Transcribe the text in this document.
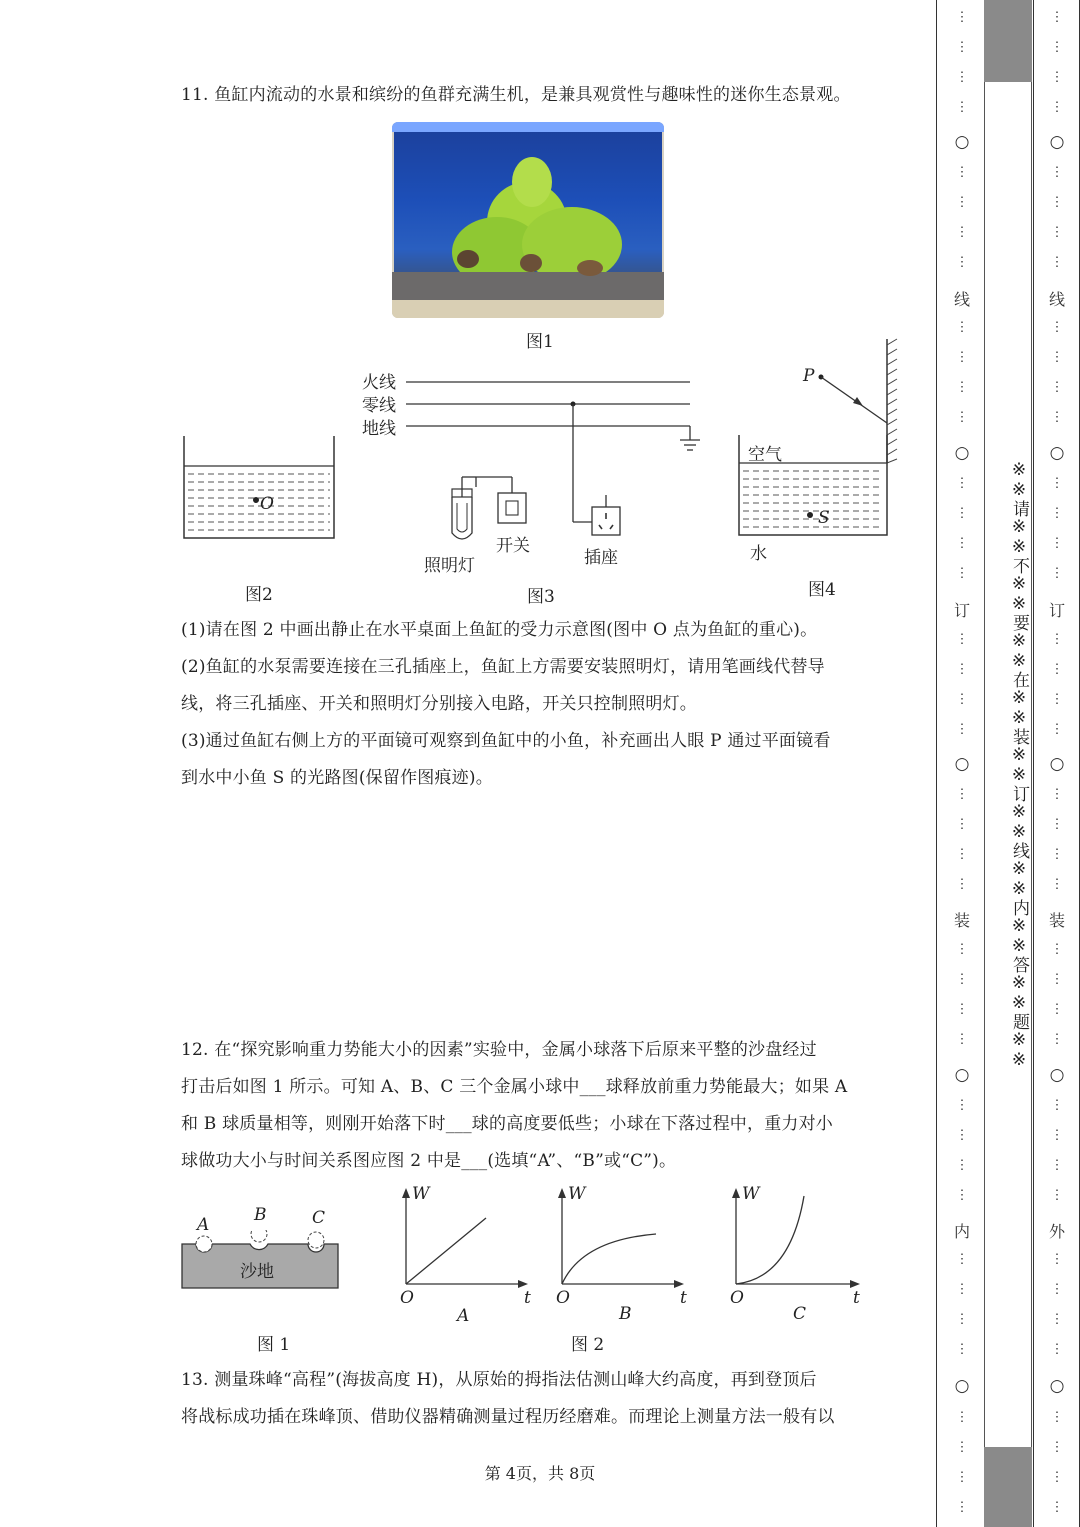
11. 鱼缸内流动的水景和缤纷的鱼群充满生机，是兼具观赏性与趣味性的迷你生态景观。
图1
O
图2
火线
零线
地线
照明灯
开关
插座
图3
P
空气
S
水
图4
(1)请在图 2 中画出静止在水平桌面上鱼缸的受力示意图(图中 O 点为鱼缸的重心)。
(2)鱼缸的水泵需要连接在三孔插座上，鱼缸上方需要安装照明灯，请用笔画线代替导
线，将三孔插座、开关和照明灯分别接入电路，开关只控制照明灯。
(3)通过鱼缸右侧上方的平面镜可观察到鱼缸中的小鱼，补充画出人眼 P 通过平面镜看
到水中小鱼 S 的光路图(保留作图痕迹)。
12. 在“探究影响重力势能大小的因素”实验中，金属小球落下后原来平整的沙盘经过
打击后如图 1 所示。可知 A、B、C 三个金属小球中___球释放前重力势能最大；如果 A
和 B 球质量相等，则刚开始落下时___球的高度要低些；小球在下落过程中，重力对小
球做功大小与时间关系图应图 2 中是___(选填“A”、“B”或“C”)。
A	B	C
沙地
图 1
W
O	t
A
W
O	t
B
W
O	t
C
图 2
13. 测量珠峰“高程”(海拔高度 H)，从原始的拇指法估测山峰大约高度，再到登顶后
将战标成功插在珠峰顶、借助仪器精确测量过程历经磨难。而理论上测量方法一般有以
第 4页，共 8页
※※请※※不※※要※※在※※装※※订※※线※※内※※答※※题※※
⋮
⋮
⋮
⋮
○
⋮
⋮
⋮
⋮
线
⋮
⋮
⋮
⋮
○
⋮
⋮
⋮
⋮
订
⋮
⋮
⋮
⋮
○
⋮
⋮
⋮
⋮
装
⋮
⋮
⋮
⋮
○
⋮
⋮
⋮
⋮
内
⋮
⋮
⋮
⋮
○
⋮
⋮
⋮
⋮
⋮
⋮
⋮
⋮
○
⋮
⋮
⋮
⋮
线
⋮
⋮
⋮
⋮
○
⋮
⋮
⋮
⋮
订
⋮
⋮
⋮
⋮
○
⋮
⋮
⋮
⋮
装
⋮
⋮
⋮
⋮
○
⋮
⋮
⋮
⋮
外
⋮
⋮
⋮
⋮
○
⋮
⋮
⋮
⋮
